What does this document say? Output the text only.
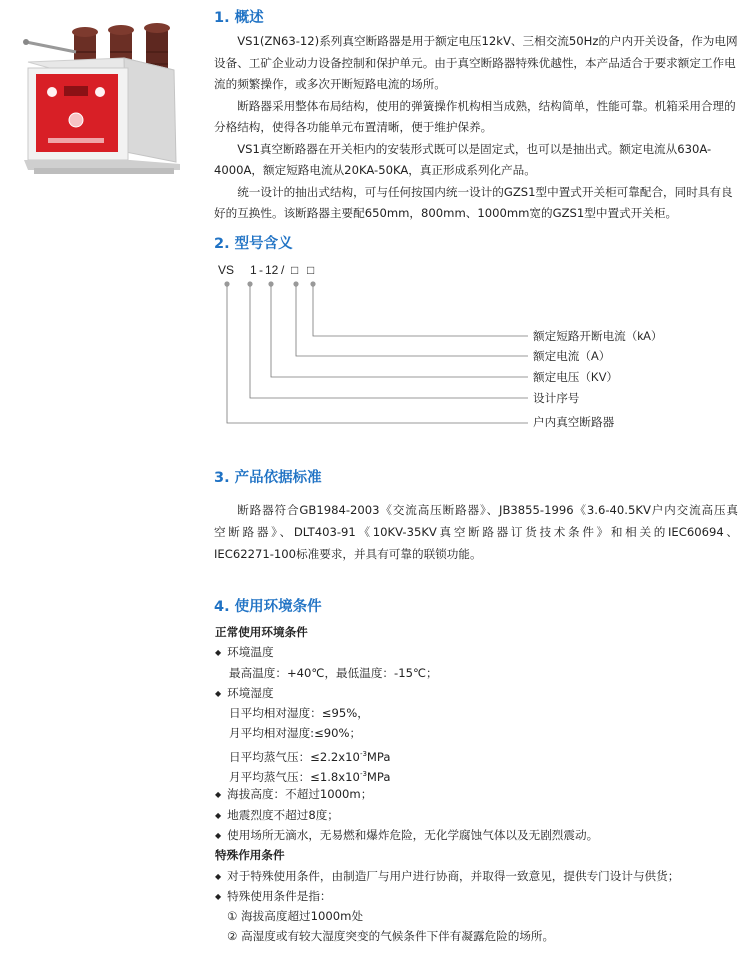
1. 概述

VS1(ZN63-12)系列真空断路器是用于额定电压12kV、三相交流50Hz的户内开关设备，作为电网设备、工矿企业动力设备控制和保护单元。由于真空断路器特殊优越性，本产品适合于要求额定工作电流的频繁操作，或多次开断短路电流的场所。

断路器采用整体布局结构，使用的弹簧操作机构相当成熟，结构简单，性能可靠。机箱采用合理的分格结构，使得各功能单元布置清晰，便于维护保养。

VS1真空断路器在开关柜内的安装形式既可以是固定式，也可以是抽出式。额定电流从630A-4000A，额定短路电流从20KA-50KA，真正形成系列化产品。

统一设计的抽出式结构，可与任何按国内统一设计的GZS1型中置式开关柜可靠配合，同时具有良好的互换性。该断路器主要配650mm，800mm、1000mm宽的GZS1型中置式开关柜。

2. 型号含义
VS 1 - 12 / □ □
额定短路开断电流（kA）
额定电流（A）
额定电压（KV）
设计序号
户内真空断路器
3. 产品依据标准
断路器符合GB1984-2003《交流高压断路器》、JB3855-1996《3.6-40.5KV户内交流高压真
空断路器》、DLT403-91《10KV-35KV真空断路器订货技术条件》和相关的IEC60694、
IEC62271-100标准要求，并具有可靠的联锁功能。
4. 使用环境条件
正常使用环境条件
◆ 环境温度
最高温度：+40℃，最低温度：-15℃；
◆ 环境湿度
日平均相对湿度：≤95%，
月平均相对湿度:≤90%；
日平均蒸气压：$\le 2.2x10^{-3}MPa$
月平均蒸气压：$\le 1.8x10^{-3}MPa$
◆ 海拔高度：不超过1000m；
◆ 地震烈度不超过8度；
◆ 使用场所无滴水，无易燃和爆炸危险，无化学腐蚀气体以及无剧烈震动。
特殊作用条件
◆ 对于特殊使用条件，由制造厂与用户进行协商，并取得一致意见，提供专门设计与供货；
◆ 特殊使用条件是指：
① 海拔高度超过1000m处
② 高湿度或有较大湿度突变的气候条件下伴有凝露危险的场所。
